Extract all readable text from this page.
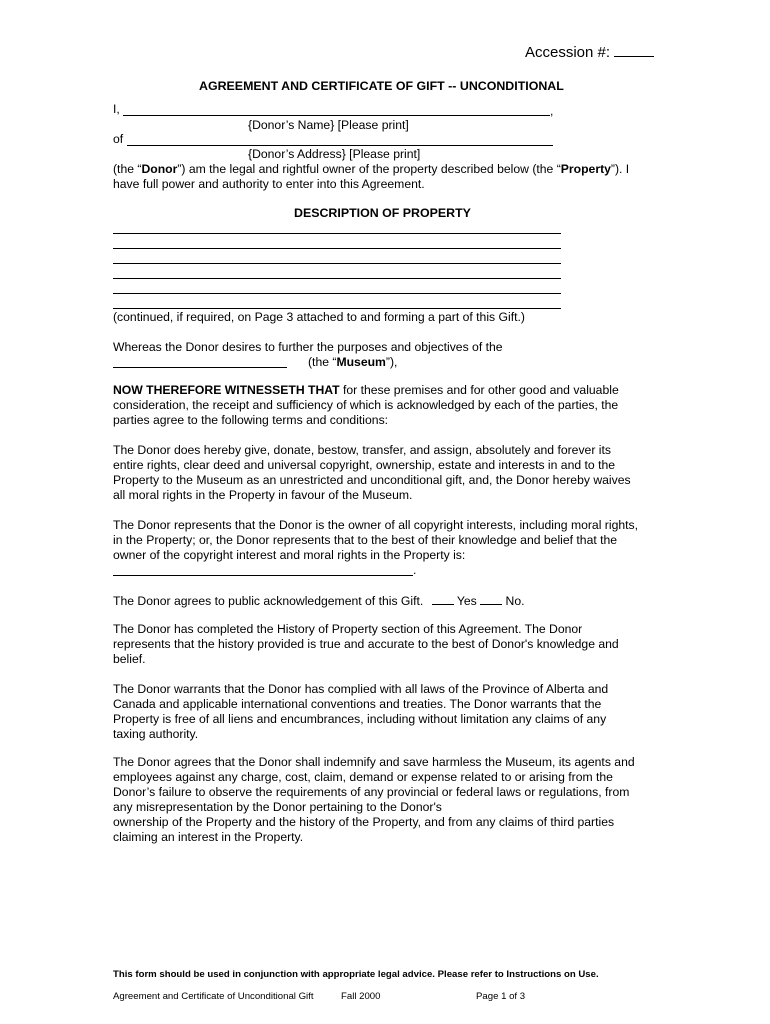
Accession #:
AGREEMENT AND CERTIFICATE OF GIFT -- UNCONDITIONAL
I,	,
{Donor’s Name} [Please print]
of
{Donor’s Address} [Please print]
(the “Donor”) am the legal and rightful owner of the property described below (the “Property”). I
have full power and authority to enter into this Agreement.
DESCRIPTION OF PROPERTY
(continued, if required, on Page 3 attached to and forming a part of this Gift.)
Whereas the Donor desires to further the purposes and objectives of the
(the “Museum”),
NOW THEREFORE WITNESSETH THAT for these premises and for other good and valuable
consideration, the receipt and sufficiency of which is acknowledged by each of the parties, the
parties agree to the following terms and conditions:
The Donor does hereby give, donate, bestow, transfer, and assign, absolutely and forever its
entire rights, clear deed and universal copyright, ownership, estate and interests in and to the
Property to the Museum as an unrestricted and unconditional gift, and, the Donor hereby waives
all moral rights in the Property in favour of the Museum.
The Donor represents that the Donor is the owner of all copyright interests, including moral rights,
in the Property; or, the Donor represents that to the best of their knowledge and belief that the
owner of the copyright interest and moral rights in the Property is:
.
The Donor agrees to public acknowledgement of this Gift.	Yes No.
The Donor has completed the History of Property section of this Agreement. The Donor
represents that the history provided is true and accurate to the best of Donor's knowledge and
belief.
The Donor warrants that the Donor has complied with all laws of the Province of Alberta and
Canada and applicable international conventions and treaties. The Donor warrants that the
Property is free of all liens and encumbrances, including without limitation any claims of any
taxing authority.
The Donor agrees that the Donor shall indemnify and save harmless the Museum, its agents and
employees against any charge, cost, claim, demand or expense related to or arising from the
Donor’s failure to observe the requirements of any provincial or federal laws or regulations, from
any misrepresentation by the Donor pertaining to the Donor's
ownership of the Property and the history of the Property, and from any claims of third parties
claiming an interest in the Property.
This form should be used in conjunction with appropriate legal advice. Please refer to Instructions on Use.
Agreement and Certificate of Unconditional Gift	Fall 2000	Page 1 of 3
